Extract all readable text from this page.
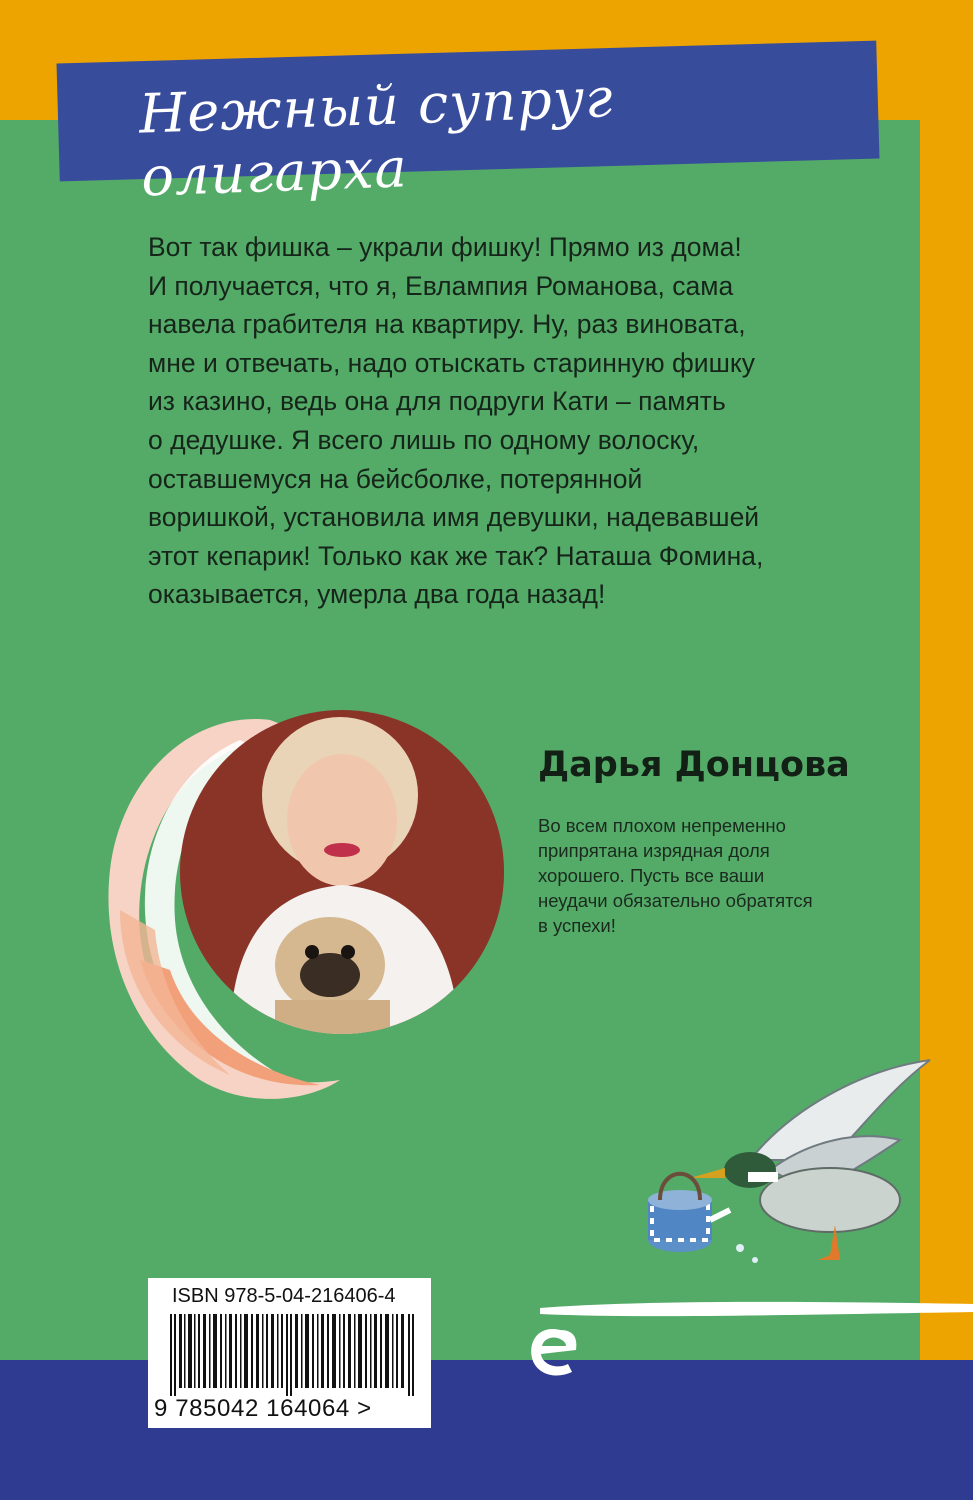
Нежный супруг олигарха

Вот так фишка – украли фишку! Прямо из дома!

И получается, что я, Евлампия Романова, сама

навела грабителя на квартиру. Ну, раз виновата,

мне и отвечать, надо отыскать старинную фишку

из казино, ведь она для подруги Кати – память

о дедушке. Я всего лишь по одному волоску,

оставшемуся на бейсболке, потерянной

воришкой, установила имя девушки, надевавшей

этот кепарик! Только как же так? Наташа Фомина,

оказывается, умерла два года назад!

Дарья Донцова

Во всем плохом непременно

припрятана изрядная доля

хорошего. Пусть все ваши

неудачи обязательно обратятся

в успехи!

ISBN 978-5-04-216406-4
9 785042 164064 >
